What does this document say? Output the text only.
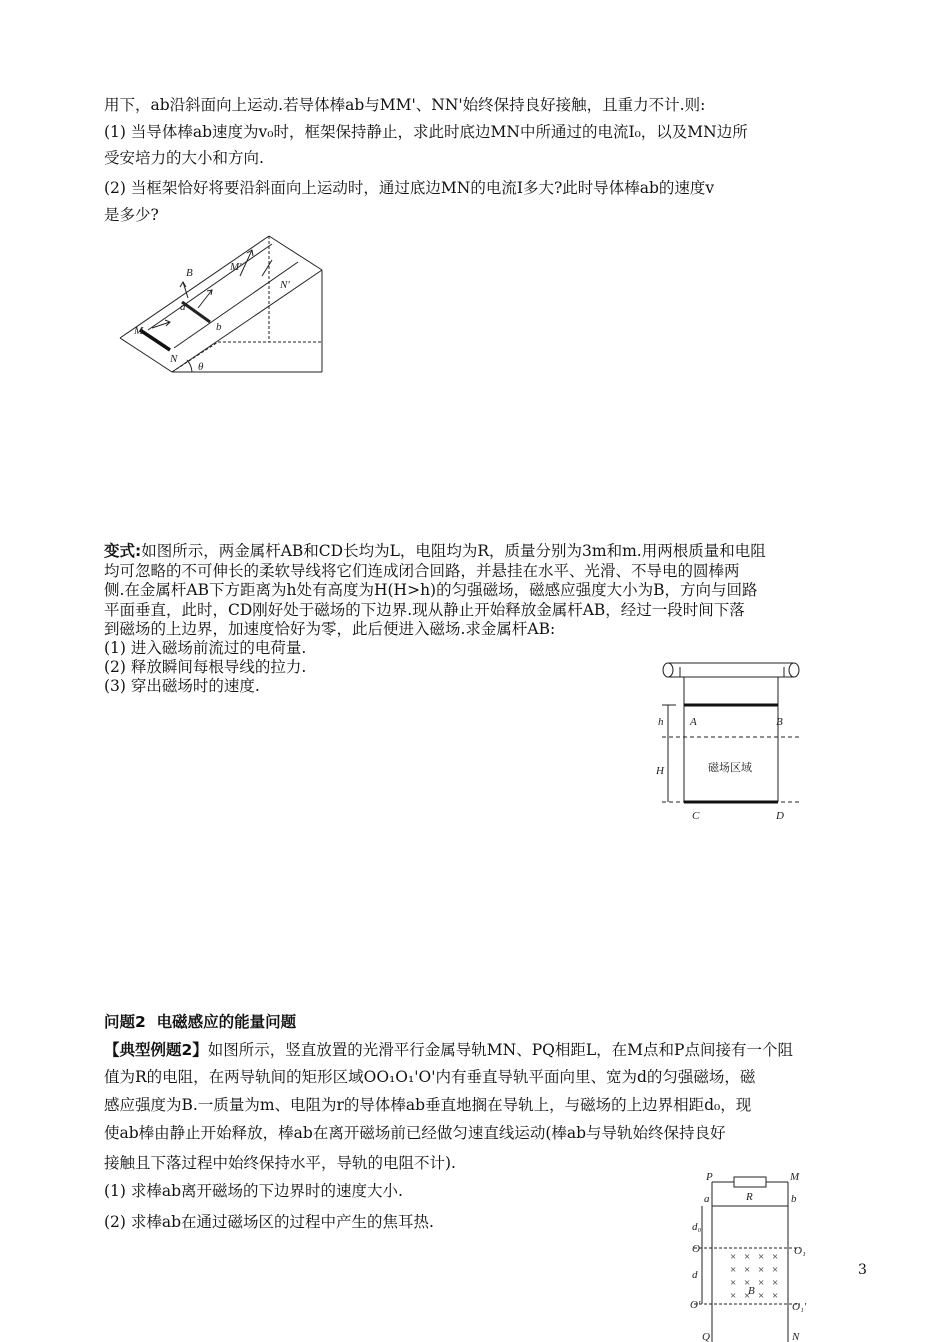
用下，ab沿斜面向上运动.若导体棒ab与MM'、NN'始终保持良好接触，且重力不计.则:
(1) 当导体棒ab速度为v₀时，框架保持静止，求此时底边MN中所通过的电流I₀，以及MN边所
受安培力的大小和方向.
(2) 当框架恰好将要沿斜面向上运动时，通过底边MN的电流I多大?此时导体棒ab的速度v
是多少?
B
a
b
M
N
M'
N'
θ
变式:如图所示，两金属杆AB和CD长均为L，电阻均为R，质量分别为3m和m.用两根质量和电阻
均可忽略的不可伸长的柔软导线将它们连成闭合回路，并悬挂在水平、光滑、不导电的圆棒两
侧.在金属杆AB下方距离为h处有高度为H(H>h)的匀强磁场，磁感应强度大小为B，方向与回路
平面垂直，此时，CD刚好处于磁场的下边界.现从静止开始释放金属杆AB，经过一段时间下落
到磁场的上边界，加速度恰好为零，此后便进入磁场.求金属杆AB:
(1) 进入磁场前流过的电荷量.
(2) 释放瞬间每根导线的拉力.
(3) 穿出磁场时的速度.
h
H
A	B
C	D
磁场区域
问题2  电磁感应的能量问题
【典型例题2】如图所示，竖直放置的光滑平行金属导轨MN、PQ相距L，在M点和P点间接有一个阻
值为R的电阻，在两导轨间的矩形区域OO₁O₁'O'内有垂直导轨平面向里、宽为d的匀强磁场，磁
感应强度为B.一质量为m、电阻为r的导体棒ab垂直地搁在导轨上，与磁场的上边界相距d₀，现
使ab棒由静止开始释放，棒ab在离开磁场前已经做匀速直线运动(棒ab与导轨始终保持良好
接触且下落过程中始终保持水平，导轨的电阻不计).
(1) 求棒ab离开磁场的下边界时的速度大小.
(2) 求棒ab在通过磁场区的过程中产生的焦耳热.
× × × ×
× × × ×
× × × ×
× × × ×
P	M
R
a	b
d₀
O	O₁
d
B
O'	O₁'
Q	N
3
